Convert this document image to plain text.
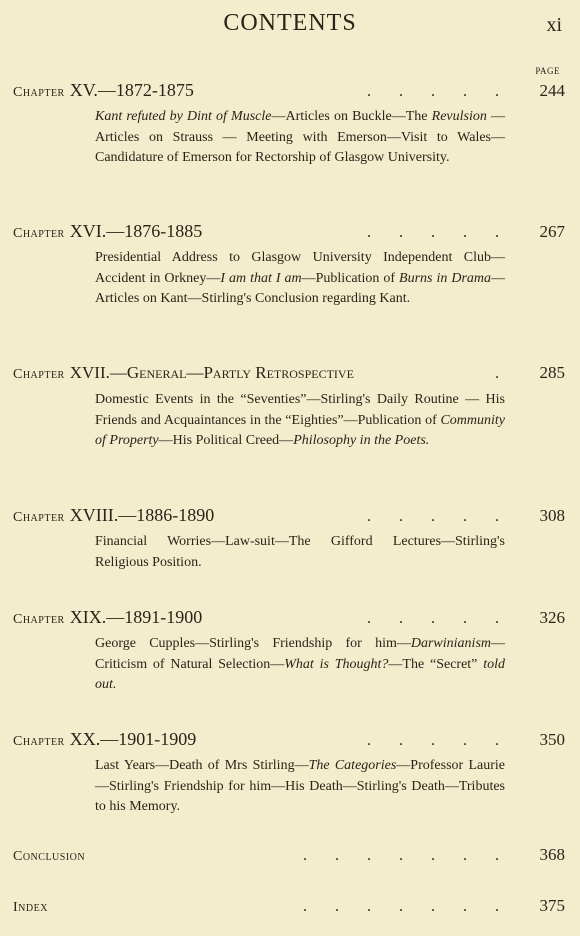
CONTENTS	xi
PAGE
Chapter XV.—1872-1875	..... 244
Kant refuted by Dint of Muscle—Articles on Buckle—The Revulsion — Articles on Strauss — Meeting with Emerson—Visit to Wales—Candidature of Emerson for Rectorship of Glasgow University.
Chapter XVI.—1876-1885	..... 267
Presidential Address to Glasgow University Independent Club—Accident in Orkney—I am that I am—Publication of Burns in Drama—Articles on Kant—Stirling's Conclusion regarding Kant.
Chapter XVII.—General—Partly Retrospective	. 285
Domestic Events in the “Seventies”—Stirling's Daily Routine — His Friends and Acquaintances in the “Eighties”—Publication of Community of Property—His Political Creed—Philosophy in the Poets.
Chapter XVIII.—1886-1890	..... 308
Financial Worries—Law-suit—The Gifford Lectures—Stirling's Religious Position.
Chapter XIX.—1891-1900	..... 326
George Cupples—Stirling's Friendship for him—Darwinianism—Criticism of Natural Selection—What is Thought?—The “Secret” told out.
Chapter XX.—1901-1909	..... 350
Last Years—Death of Mrs Stirling—The Categories—Professor Laurie—Stirling's Friendship for him—His Death—Stirling's Death—Tributes to his Memory.
Conclusion	....... 368
Index	....... 375
